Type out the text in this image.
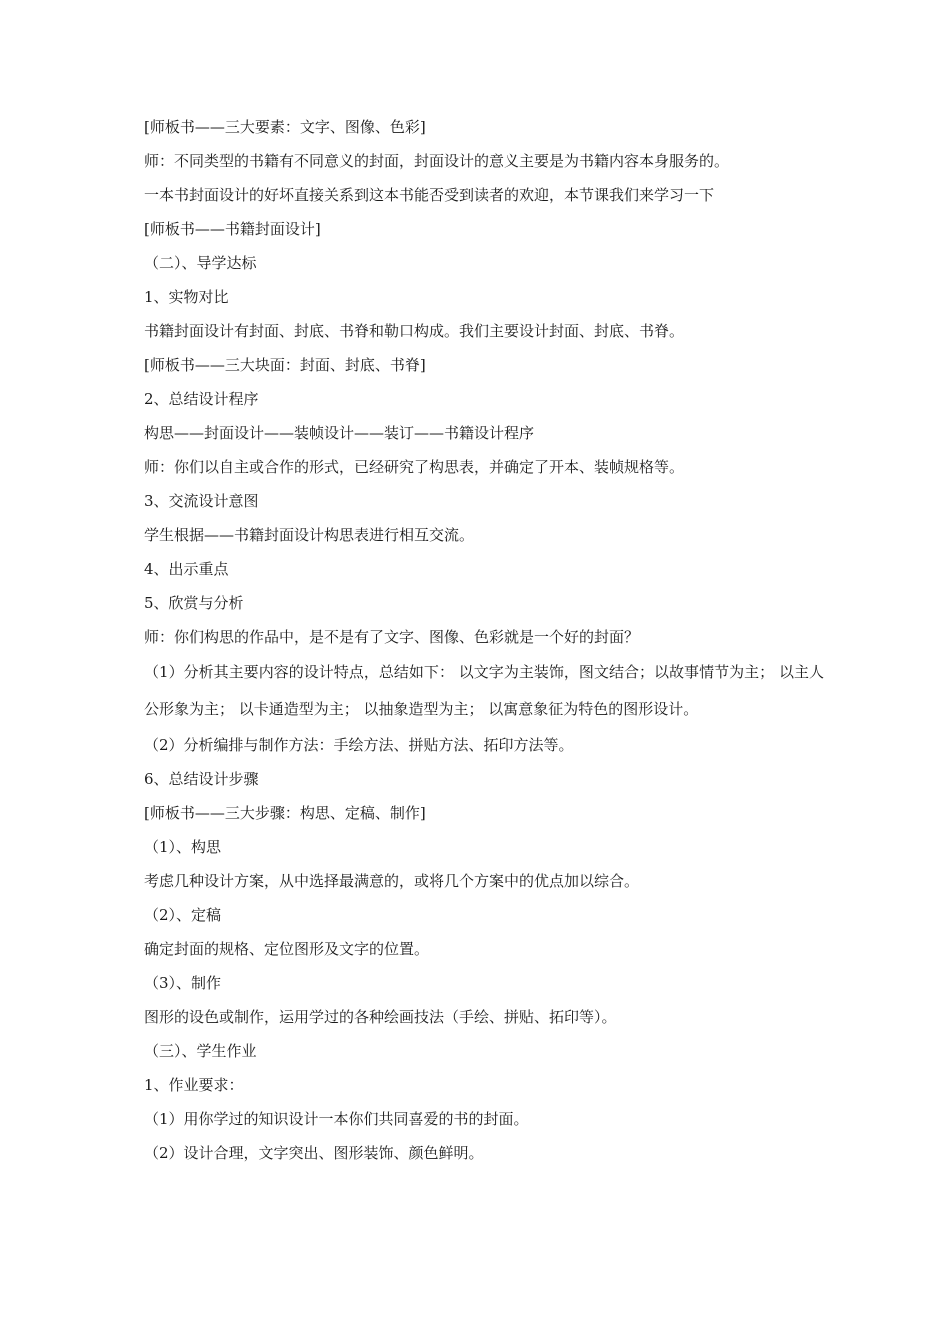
[师板书——三大要素：文字、图像、色彩]
师：不同类型的书籍有不同意义的封面，封面设计的意义主要是为书籍内容本身服务的。
一本书封面设计的好坏直接关系到这本书能否受到读者的欢迎，本节课我们来学习一下
[师板书——书籍封面设计]
（二）、导学达标
1、实物对比
书籍封面设计有封面、封底、书脊和勒口构成。我们主要设计封面、封底、书脊。
[师板书——三大块面：封面、封底、书脊]
2、总结设计程序
构思——封面设计——装帧设计——装订——书籍设计程序
师：你们以自主或合作的形式，已经研究了构思表，并确定了开本、装帧规格等。
3、交流设计意图
学生根据——书籍封面设计构思表进行相互交流。
4、出示重点
5、欣赏与分析
师：你们构思的作品中，是不是有了文字、图像、色彩就是一个好的封面？
（1）分析其主要内容的设计特点，总结如下： 以文字为主装饰，图文结合；以故事情节为主； 以主人公形象为主； 以卡通造型为主； 以抽象造型为主； 以寓意象征为特色的图形设计。
（2）分析编排与制作方法：手绘方法、拼贴方法、拓印方法等。
6、总结设计步骤
[师板书——三大步骤：构思、定稿、制作]
（1）、构思
考虑几种设计方案，从中选择最满意的，或将几个方案中的优点加以综合。
（2）、定稿
确定封面的规格、定位图形及文字的位置。
（3）、制作
图形的设色或制作，运用学过的各种绘画技法（手绘、拼贴、拓印等）。
（三）、学生作业
1、作业要求：
（1）用你学过的知识设计一本你们共同喜爱的书的封面。
（2）设计合理，文字突出、图形装饰、颜色鲜明。
